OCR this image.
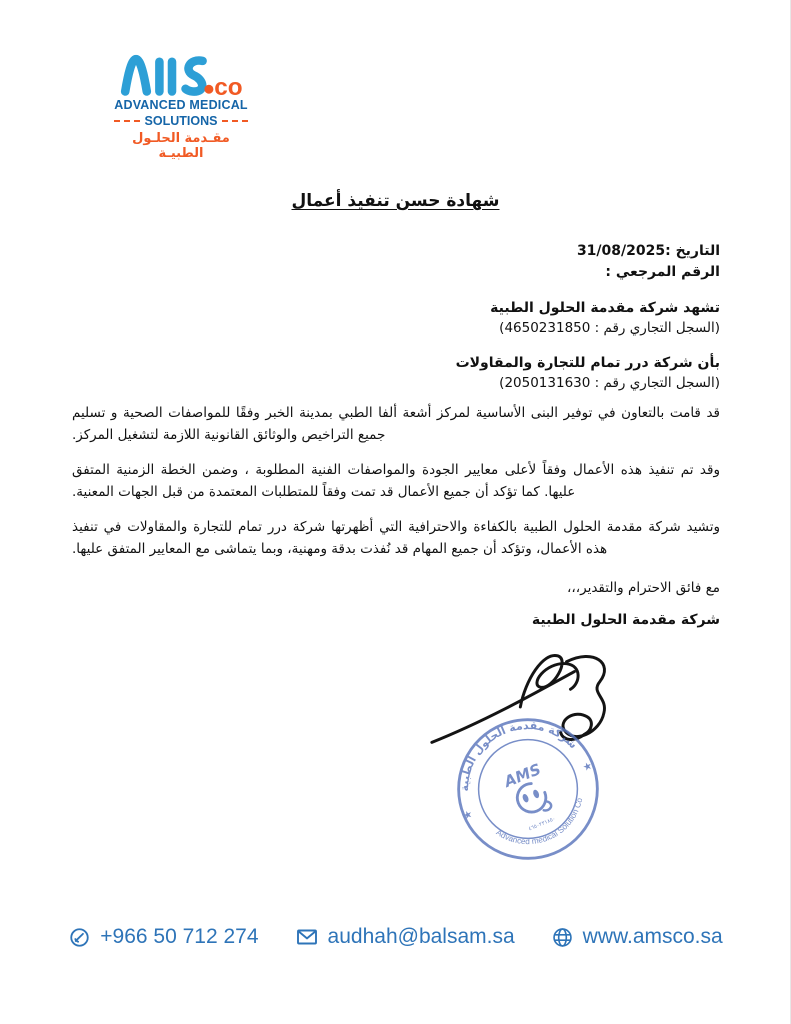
co
ADVANCED MEDICAL
SOLUTIONS
مقـدمة الحلـول الطبيـة
شهادة حسن تنفيذ أعمال
التاريخ :31/08/2025
الرقم المرجعي :
تشهد شركة مقدمة الحلول الطبية
(السجل التجاري رقم : 4650231850)
بأن شركة درر تمام للتجارة والمقاولات
(السجل التجاري رقم : 2050131630)

قد قامت بالتعاون في توفير البنى الأساسية لمركز أشعة ألفا الطبي بمدينة الخبر وفقًا للمواصفات الصحية و تسليم جميع التراخيص والوثائق القانونية اللازمة لتشغيل المركز.

وقد تم تنفيذ هذه الأعمال وفقاً لأعلى معايير الجودة والمواصفات الفنية المطلوبة ، وضمن الخطة الزمنية المتفق عليها. كما تؤكد أن جميع الأعمال قد تمت وفقاً للمتطلبات المعتمدة من قبل الجهات المعنية.

وتشيد شركة مقدمة الحلول الطبية بالكفاءة والاحترافية التي أظهرتها شركة درر تمام للتجارة والمقاولات في تنفيذ هذه الأعمال، وتؤكد أن جميع المهام قد نُفذت بدقة ومهنية، وبما يتماشى مع المعايير المتفق عليها.

مع فائق الاحترام والتقدير،،،
شركة مقدمة الحلول الطبية
شركة مقدمة الحلول الطبية
Advanced medical Solution Co
★
★
AMS
٤٦٥٠٢٣١٨٥٠
+966 50 712 274	audhah@balsam.sa	www.amsco.sa
